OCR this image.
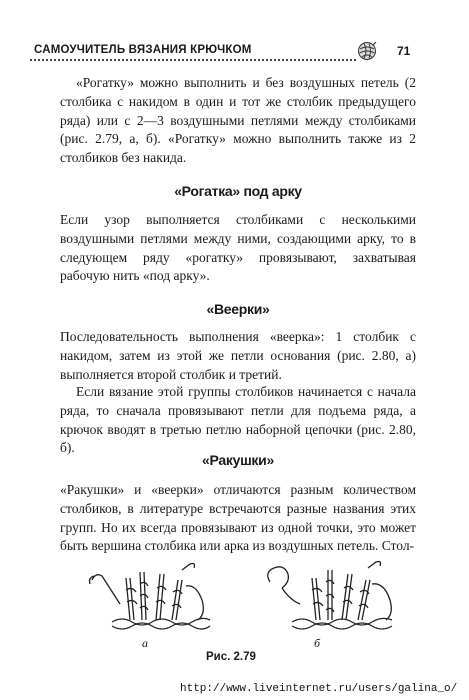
САМОУЧИТЕЛЬ ВЯЗАНИЯ КРЮЧКОМ	71

«Рогатку» можно выполнить и без воздушных петель (2 столбика с накидом в один и тот же столбик предыдущего ряда) или с 2—3 воздушными петлями между столбиками (рис. 2.79, а, б). «Рогатку» можно выполнить также из 2 столбиков без накида.

«Рогатка» под арку

Если узор выполняется столбиками с несколькими воздушными петлями между ними, создающими арку, то в следующем ряду «рогатку» провязывают, захватывая рабочую нить «под арку».

«Веерки»

Последовательность выполнения «веерка»: 1 столбик с накидом, затем из этой же петли основания (рис. 2.80, а) выполняется второй столбик и третий.

Если вязание этой группы столбиков начинается с начала ряда, то сначала провязывают петли для подъема ряда, а крючок вводят в третью петлю наборной цепочки (рис. 2.80, б).

«Ракушки»

«Ракушки» и «веерки» отличаются разным количеством столбиков, в литературе встречаются разные названия этих групп. Но их всегда провязывают из одной точки, это может быть вершина столбика или арка из воздушных петель. Стол-

а	б
Рис. 2.79
http://www.liveinternet.ru/users/galina_o/
